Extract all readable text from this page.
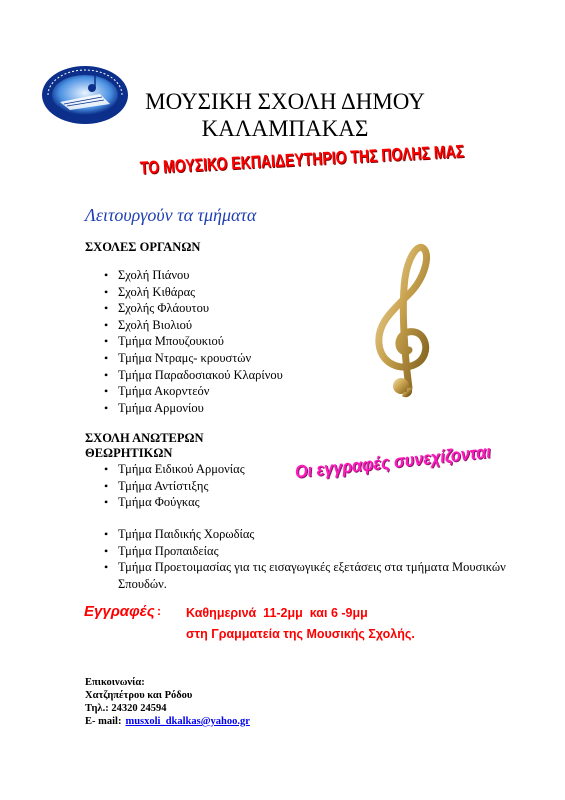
ΜΟΥΣΙΚΗ ΣΧΟΛΗ ΔΗΜΟΥ
ΚΑΛΑΜΠΑΚΑΣ
ΤΟ ΜΟΥΣΙΚΟ ΕΚΠΑΙΔΕΥΤΗΡΙΟ ΤΗΣ ΠΟΛΗΣ ΜΑΣ
Λειτουργούν τα τμήματα
ΣΧΟΛΕΣ ΟΡΓΑΝΩΝ
• Σχολή Πιάνου
• Σχολή Κιθάρας
• Σχολής Φλάουτου
• Σχολή Βιολιού
• Τμήμα Μπουζουκιού
• Τμήμα Ντραμς- κρουστών
• Τμήμα Παραδοσιακού Κλαρίνου
• Τμήμα Ακορντεόν
• Τμήμα Αρμονίου
ΣΧΟΛΗ ΑΝΩΤΕΡΩΝ
ΘΕΩΡΗΤΙΚΩΝ
• Τμήμα Ειδικού Αρμονίας
• Τμήμα Αντίστιξης
• Τμήμα Φούγκας
Οι εγγραφές συνεχίζονται
• Τμήμα Παιδικής Χορωδίας
• Τμήμα Προπαιδείας
• Τμήμα Προετοιμασίας για τις εισαγωγικές εξετάσεις στα τμήματα Μουσικών Σπουδών.
Εγγραφές : Καθημερινά  11-2μμ  και 6 -9μμ
στη Γραμματεία της Μουσικής Σχολής.
Επικοινωνία:
Χατζηπέτρου και Ρόδου
Τηλ.: 24320 24594
E- mail: musxoli_dkalkas@yahoo.gr
